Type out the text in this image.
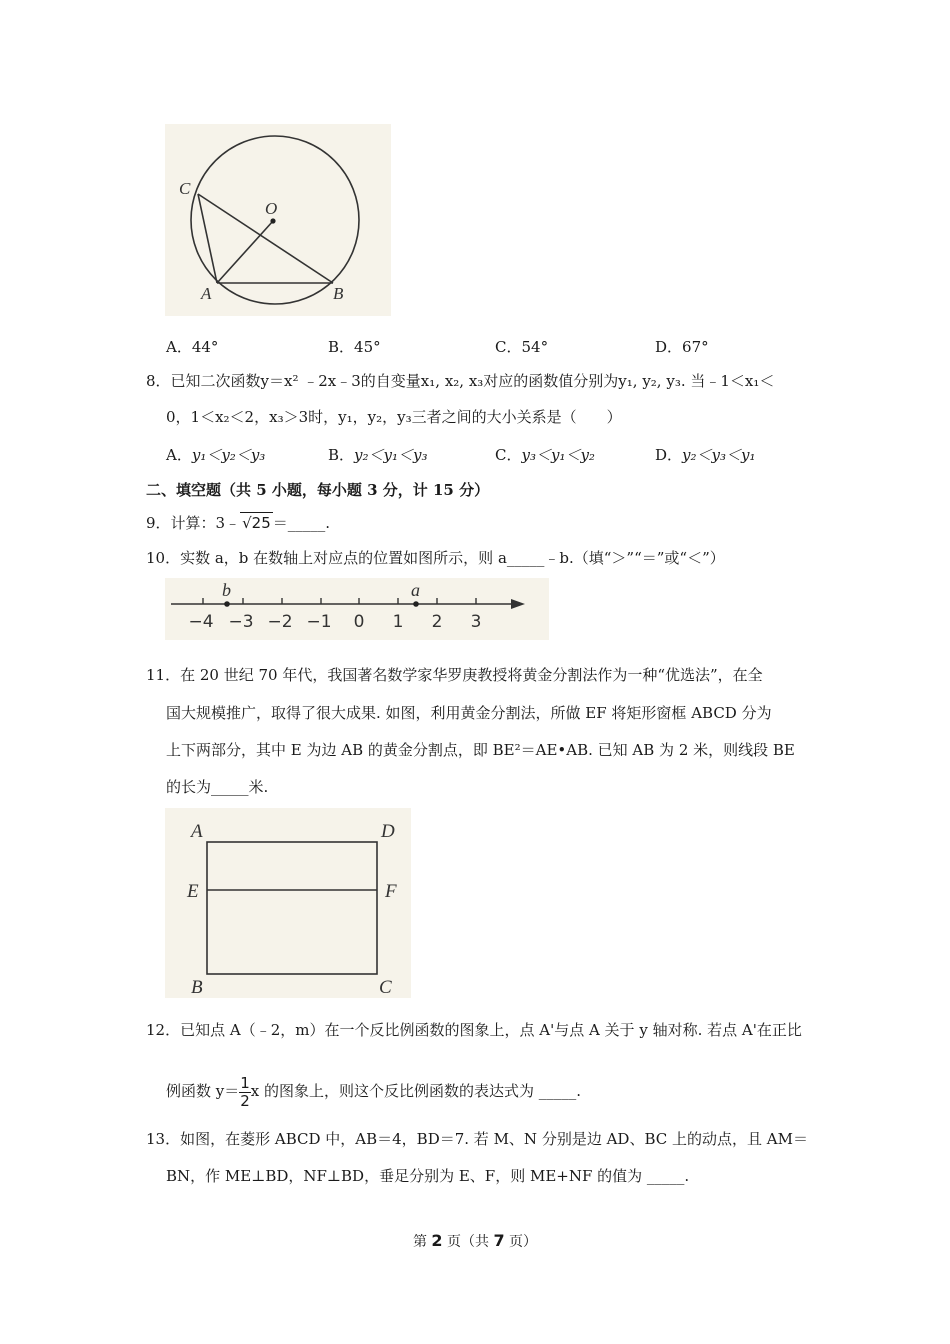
C
O
A	B
A．44°	B．45°	C．54°	D．67°
8．已知二次函数y＝x² ﹣2x﹣3的自变量x₁, x₂, x₃对应的函数值分别为y₁, y₂, y₃. 当﹣1＜x₁＜
0，1＜x₂＜2，x₃＞3时，y₁，y₂，y₃三者之间的大小关系是（　　）
A．y₁＜y₂＜y₃	B．y₂＜y₁＜y₃	C．y₃＜y₁＜y₂	D．y₂＜y₃＜y₁
二、填空题（共 5 小题，每小题 3 分，计 15 分）
9．计算：3﹣ √25 ＝_____.
10．实数 a，b 在数轴上对应点的位置如图所示，则 a_____﹣b.（填“＞”“＝”或“＜”）
b	a
−4 −3 −2 −1 0 1 2 3
11．在 20 世纪 70 年代，我国著名数学家华罗庚教授将黄金分割法作为一种“优选法”，在全
国大规模推广，取得了很大成果. 如图，利用黄金分割法，所做 EF 将矩形窗框 ABCD 分为
上下两部分，其中 E 为边 AB 的黄金分割点，即 BE²＝AE•AB. 已知 AB 为 2 米，则线段 BE
的长为_____米.
A	D
E	F
B	C
12．已知点 A（﹣2，m）在一个反比例函数的图象上，点 A'与点 A 关于 y 轴对称. 若点 A'在正比
例函数 $y= \frac{1}{2}$ x 的图象上，则这个反比例函数的表达式为 _____.
13．如图，在菱形 ABCD 中，AB＝4，BD＝7. 若 M、N 分别是边 AD、BC 上的动点，且 AM＝
BN，作 ME⊥BD，NF⊥BD，垂足分别为 E、F，则 ME+NF 的值为 _____.
第 2 页（共 7 页）
